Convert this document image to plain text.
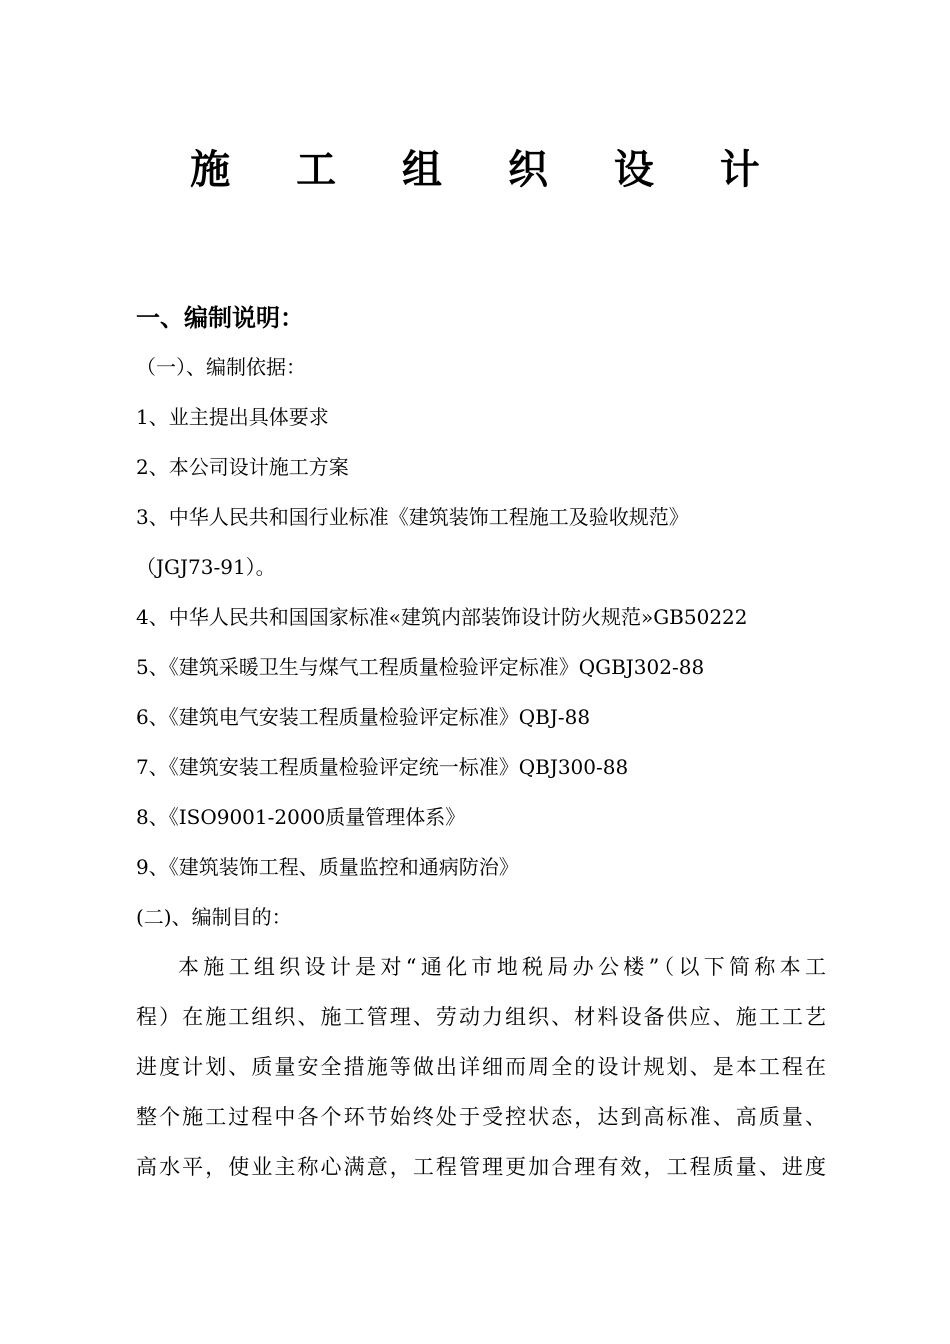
施 工 组 织 设 计
一、编制说明：
（一）、编制依据：
1、业主提出具体要求
2、本公司设计施工方案
3、中华人民共和国行业标准《建筑装饰工程施工及验收规范》
（JGJ73-91）。
4、中华人民共和国国家标准«建筑内部装饰设计防火规范»GB50222
5、《建筑采暖卫生与煤气工程质量检验评定标准》QGBJ302-88
6、《建筑电气安装工程质量检验评定标准》QBJ-88
7、《建筑安装工程质量检验评定统一标准》QBJ300-88
8、《ISO9001-2000质量管理体系》
9、《建筑装饰工程、质量监控和通病防治》
(二)、编制目的：
本施工组织设计是对“通化市地税局办公楼”（以下简称本工
程）在施工组织、施工管理、劳动力组织、材料设备供应、施工工艺
进度计划、质量安全措施等做出详细而周全的设计规划、是本工程在
整个施工过程中各个环节始终处于受控状态，达到高标准、高质量、
高水平，使业主称心满意，工程管理更加合理有效，工程质量、进度
